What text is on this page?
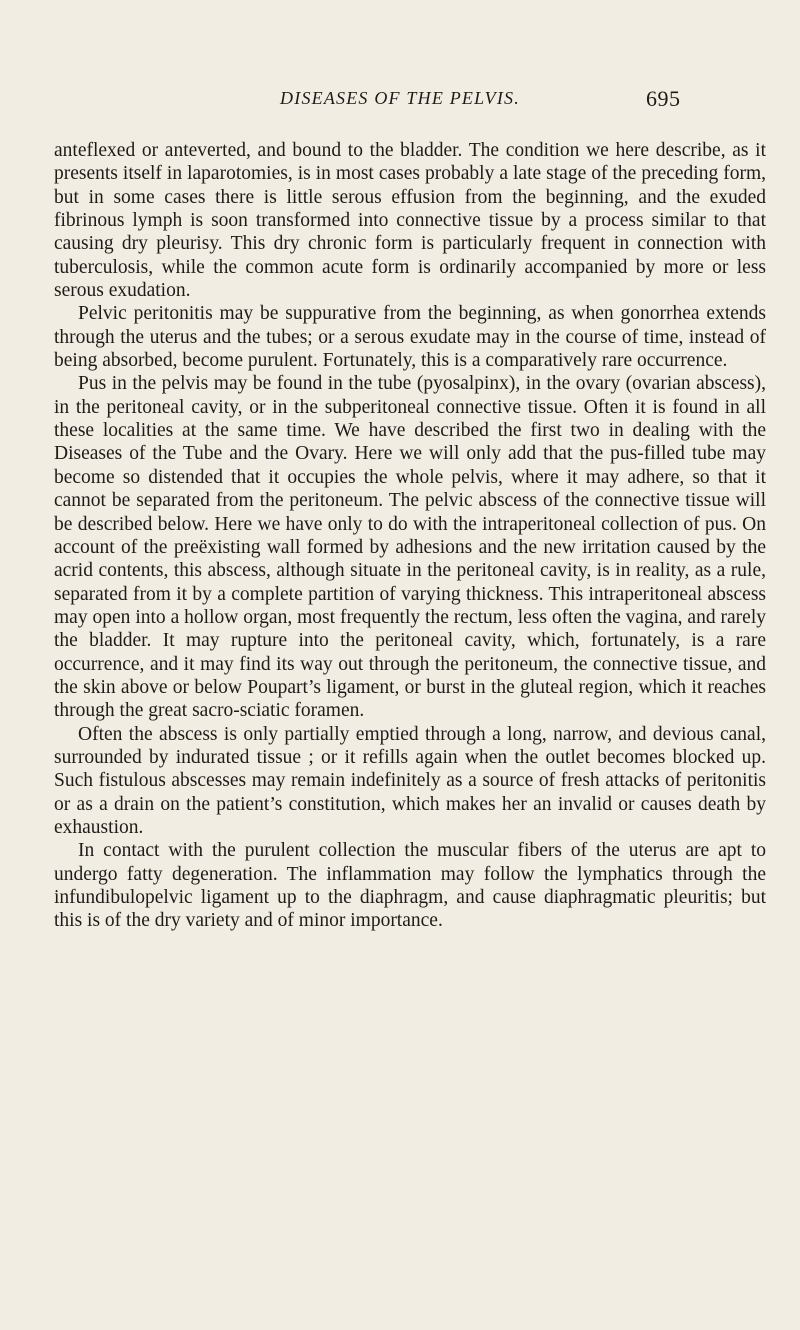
DISEASES OF THE PELVIS.	695

anteflexed or anteverted, and bound to the bladder. The condition we here describe, as it presents itself in laparotomies, is in most cases probably a late stage of the preceding form, but in some cases there is little serous effusion from the beginning, and the exuded fibrinous lymph is soon transformed into connective tissue by a process similar to that causing dry pleurisy. This dry chronic form is particularly frequent in connection with tuberculosis, while the common acute form is ordinarily accompanied by more or less serous exudation.

Pelvic peritonitis may be suppurative from the beginning, as when gonorrhea extends through the uterus and the tubes; or a serous exudate may in the course of time, instead of being absorbed, become purulent. Fortunately, this is a comparatively rare occurrence.

Pus in the pelvis may be found in the tube (pyosalpinx), in the ovary (ovarian abscess), in the peritoneal cavity, or in the subperitoneal connective tissue. Often it is found in all these localities at the same time. We have described the first two in dealing with the Diseases of the Tube and the Ovary. Here we will only add that the pus-filled tube may become so distended that it occupies the whole pelvis, where it may adhere, so that it cannot be separated from the peritoneum. The pelvic abscess of the connective tissue will be described below. Here we have only to do with the intraperitoneal collection of pus. On account of the preëxisting wall formed by adhesions and the new irritation caused by the acrid contents, this abscess, although situate in the peritoneal cavity, is in reality, as a rule, separated from it by a complete partition of varying thickness. This intraperitoneal abscess may open into a hollow organ, most frequently the rectum, less often the vagina, and rarely the bladder. It may rupture into the peritoneal cavity, which, fortunately, is a rare occurrence, and it may find its way out through the peritoneum, the connective tissue, and the skin above or below Poupart’s ligament, or burst in the gluteal region, which it reaches through the great sacro-sciatic foramen.

Often the abscess is only partially emptied through a long, narrow, and devious canal, surrounded by indurated tissue ; or it refills again when the outlet becomes blocked up. Such fistulous abscesses may remain indefinitely as a source of fresh attacks of peritonitis or as a drain on the patient’s constitution, which makes her an invalid or causes death by exhaustion.

In contact with the purulent collection the muscular fibers of the uterus are apt to undergo fatty degeneration. The inflammation may follow the lymphatics through the infundibulopelvic ligament up to the diaphragm, and cause diaphragmatic pleuritis; but this is of the dry variety and of minor importance.
